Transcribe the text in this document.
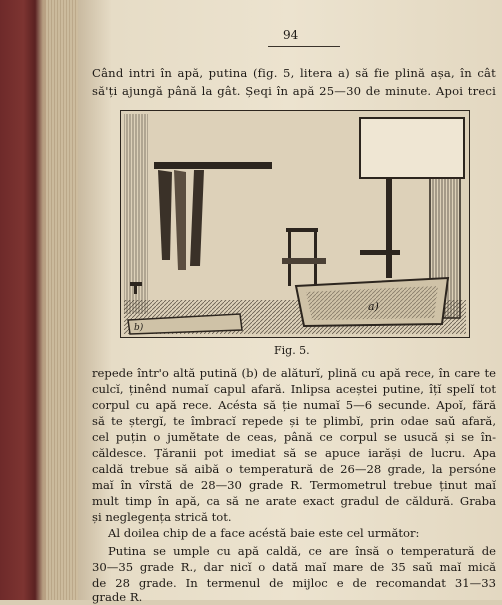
94
Când intri în apă, putina (fig. 5, litera a) să fie plină așa, în cât
să'ți ajungă până la gât. Șeqi în apă 25—30 de minute. Apoi treci
a)
b)
Fig. 5.
repede într'o altă putină (b) de alăturĭ, plină cu apă rece, în care te
culcĭ, ținênd numaĭ capul afară. Inlipsa aceștei putine, îțĭ spelĭ tot
corpul cu apă rece. Acésta să ție numaĭ 5—6 secunde. Apoĭ, fără
să te ștergĭ, te îmbracĭ repede și te plimbĭ, prin odae saŭ afară,
cel puțin o jumĕtate de ceas, până ce corpul se usucă și se în-
căldesce. Țăranii pot imediat să se apuce iarăși de lucru. Apa
caldă trebue să aibă o temperatură de 26—28 grade, la persóne
maĭ în vîrstă de 28—30 grade R. Termometrul trebue ținut maĭ
mult timp în apă, ca să ne arate exact gradul de căldură. Graba
și neglegența strică tot.
Al doilea chip de a face acéstă baie este cel următor:
Putina se umple cu apă caldă, ce are însă o temperatură de
30—35 grade R., dar nicĭ o dată maĭ mare de 35 saŭ maĭ mică
de 28 grade. In termenul de mijloc e de recomandat 31—33
grade R.
